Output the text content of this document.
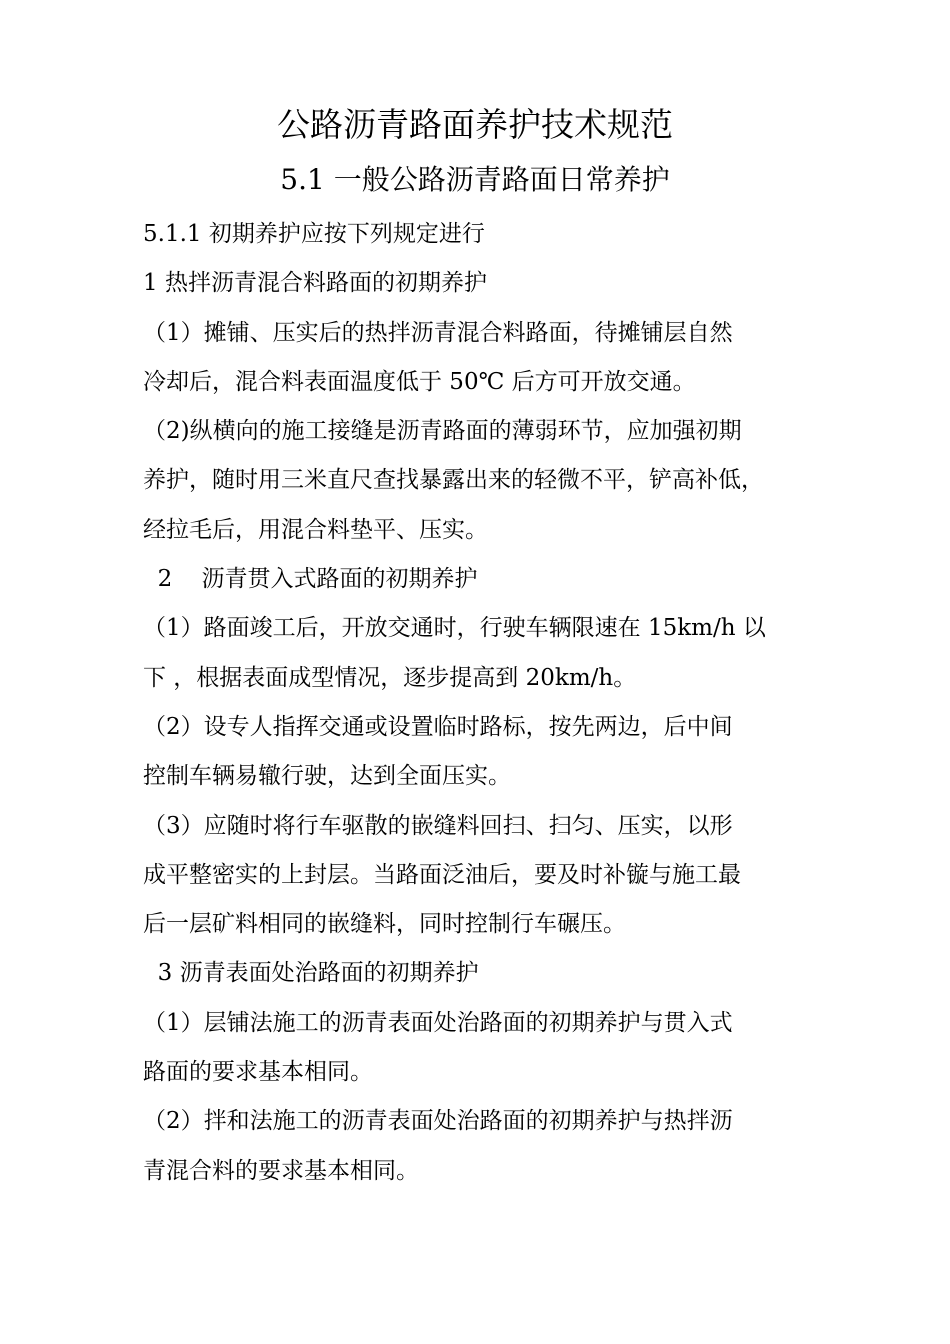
公路沥青路面养护技术规范
5.1 一般公路沥青路面日常养护

5.1.1 初期养护应按下列规定进行

1 热拌沥青混合料路面的初期养护

（1）摊铺、压实后的热拌沥青混合料路面，待摊铺层自然

冷却后，混合料表面温度低于 50℃ 后方可开放交通。

（2)纵横向的施工接缝是沥青路面的薄弱环节，应加强初期

养护，随时用三米直尺查找暴露出来的轻微不平，铲高补低，

经拉毛后，用混合料垫平、压实。

2    沥青贯入式路面的初期养护

（1）路面竣工后，开放交通时，行驶车辆限速在 15km/h 以

下 ，根据表面成型情况，逐步提高到 20km/h。

（2）设专人指挥交通或设置临时路标，按先两边，后中间

控制车辆易辙行驶，达到全面压实。

（3）应随时将行车驱散的嵌缝料回扫、扫匀、压实，以形

成平整密实的上封层。当路面泛油后，要及时补镟与施工最

后一层矿料相同的嵌缝料，同时控制行车碾压。

3 沥青表面处治路面的初期养护

（1）层铺法施工的沥青表面处治路面的初期养护与贯入式

路面的要求基本相同。

（2）拌和法施工的沥青表面处治路面的初期养护与热拌沥

青混合料的要求基本相同。
